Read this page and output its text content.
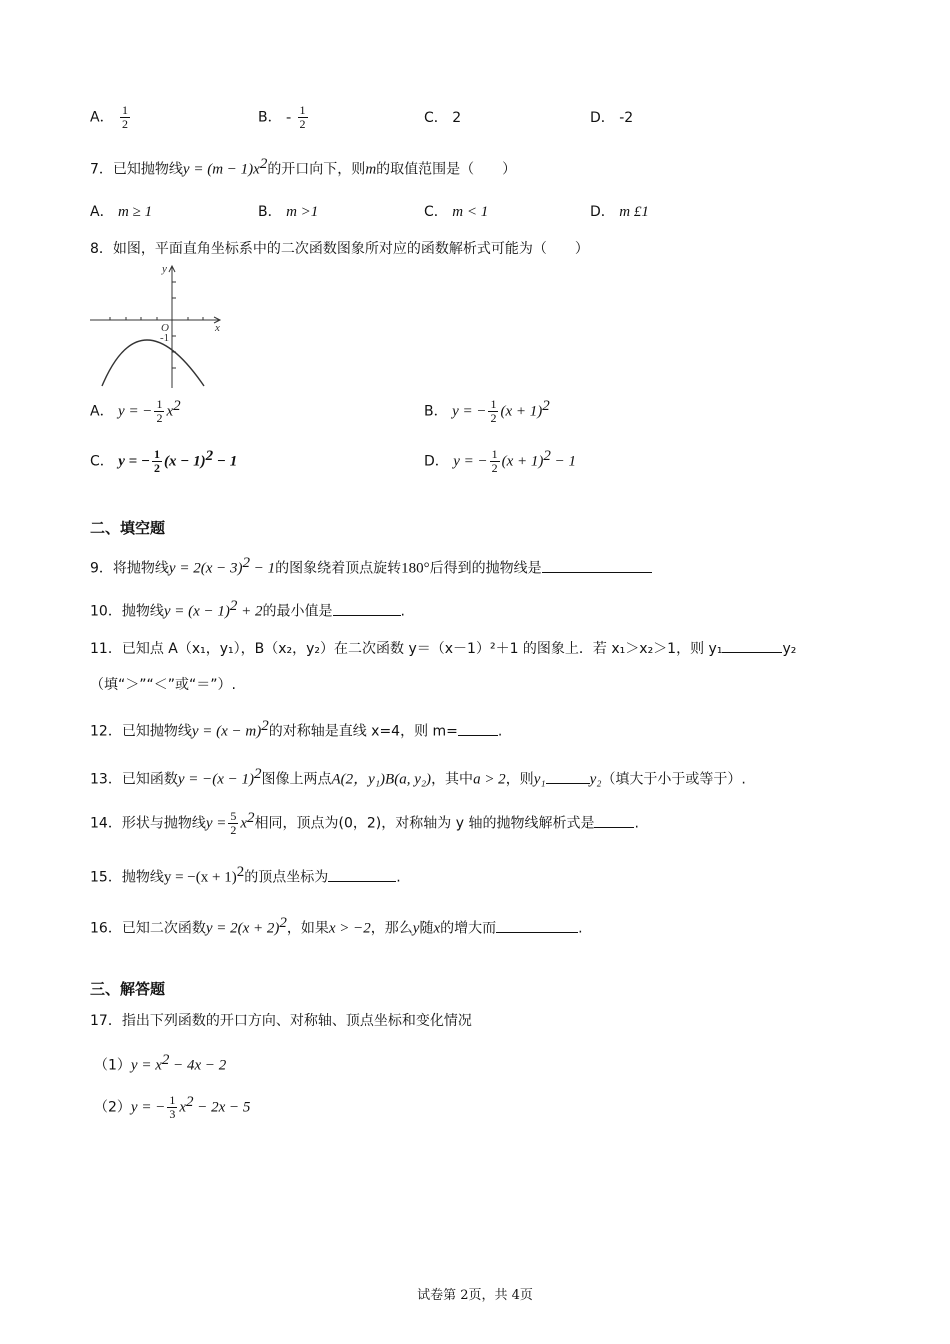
A． $\frac{1}{2}$	B． - $\frac{1}{2}$	C． 2	D． -2
7．已知抛物线$y = (m - 1)x^2$的开口向下，则m的取值范围是（　　）
A． m ≥ 1	B． m >1	C． m < 1	D． m £1
8．如图，平面直角坐标系中的二次函数图象所对应的函数解析式可能为（　　）
y
x
O
-1
A． y = − $\frac{1}{2} x^2$	B． y = − $\frac{1}{2} (x + 1)^2$
C． y = − $\frac{1}{2} (x - 1)^2 - 1$	D． y = − $\frac{1}{2} (x + 1)^2 - 1$
二、填空题
9．将抛物线$y = 2(x - 3)^2 - 1$的图象绕着顶点旋转180°后得到的抛物线是
10．抛物线$y = (x - 1)^2 + 2$的最小值是	.
11．已知点 A（x₁，y₁），B（x₂，y₂）在二次函数 y＝（x－1）²＋1 的图象上．若 x₁＞x₂＞1，则 y₁	y₂
（填“＞”“＜”或“＝”）.
12．已知抛物线$y = (x - m)^2$的对称轴是直线 x=4，则 m=	.
13．已知函数$y = -(x - 1)^2$图像上两点A(2，y₁)B(a, y₂)，其中a > 2，则y₁	y₂（填大于小于或等于）.
14．形状与抛物线$y = \frac{5}{2} x^2$相同，顶点为(0，2)，对称轴为 y 轴的抛物线解析式是	.
15．抛物线$y = -(x + 1)^2$的顶点坐标为	.
16．已知二次函数$y = 2(x + 2)^2$，如果x > −2，那么y随x的增大而	.
三、解答题
17．指出下列函数的开口方向、对称轴、顶点坐标和变化情况
$(1)y = x^2 - 4x - 2$
（2）y = − $\frac{1}{3} x^2 - 2x - 5$
试卷第 2页，共 4页
